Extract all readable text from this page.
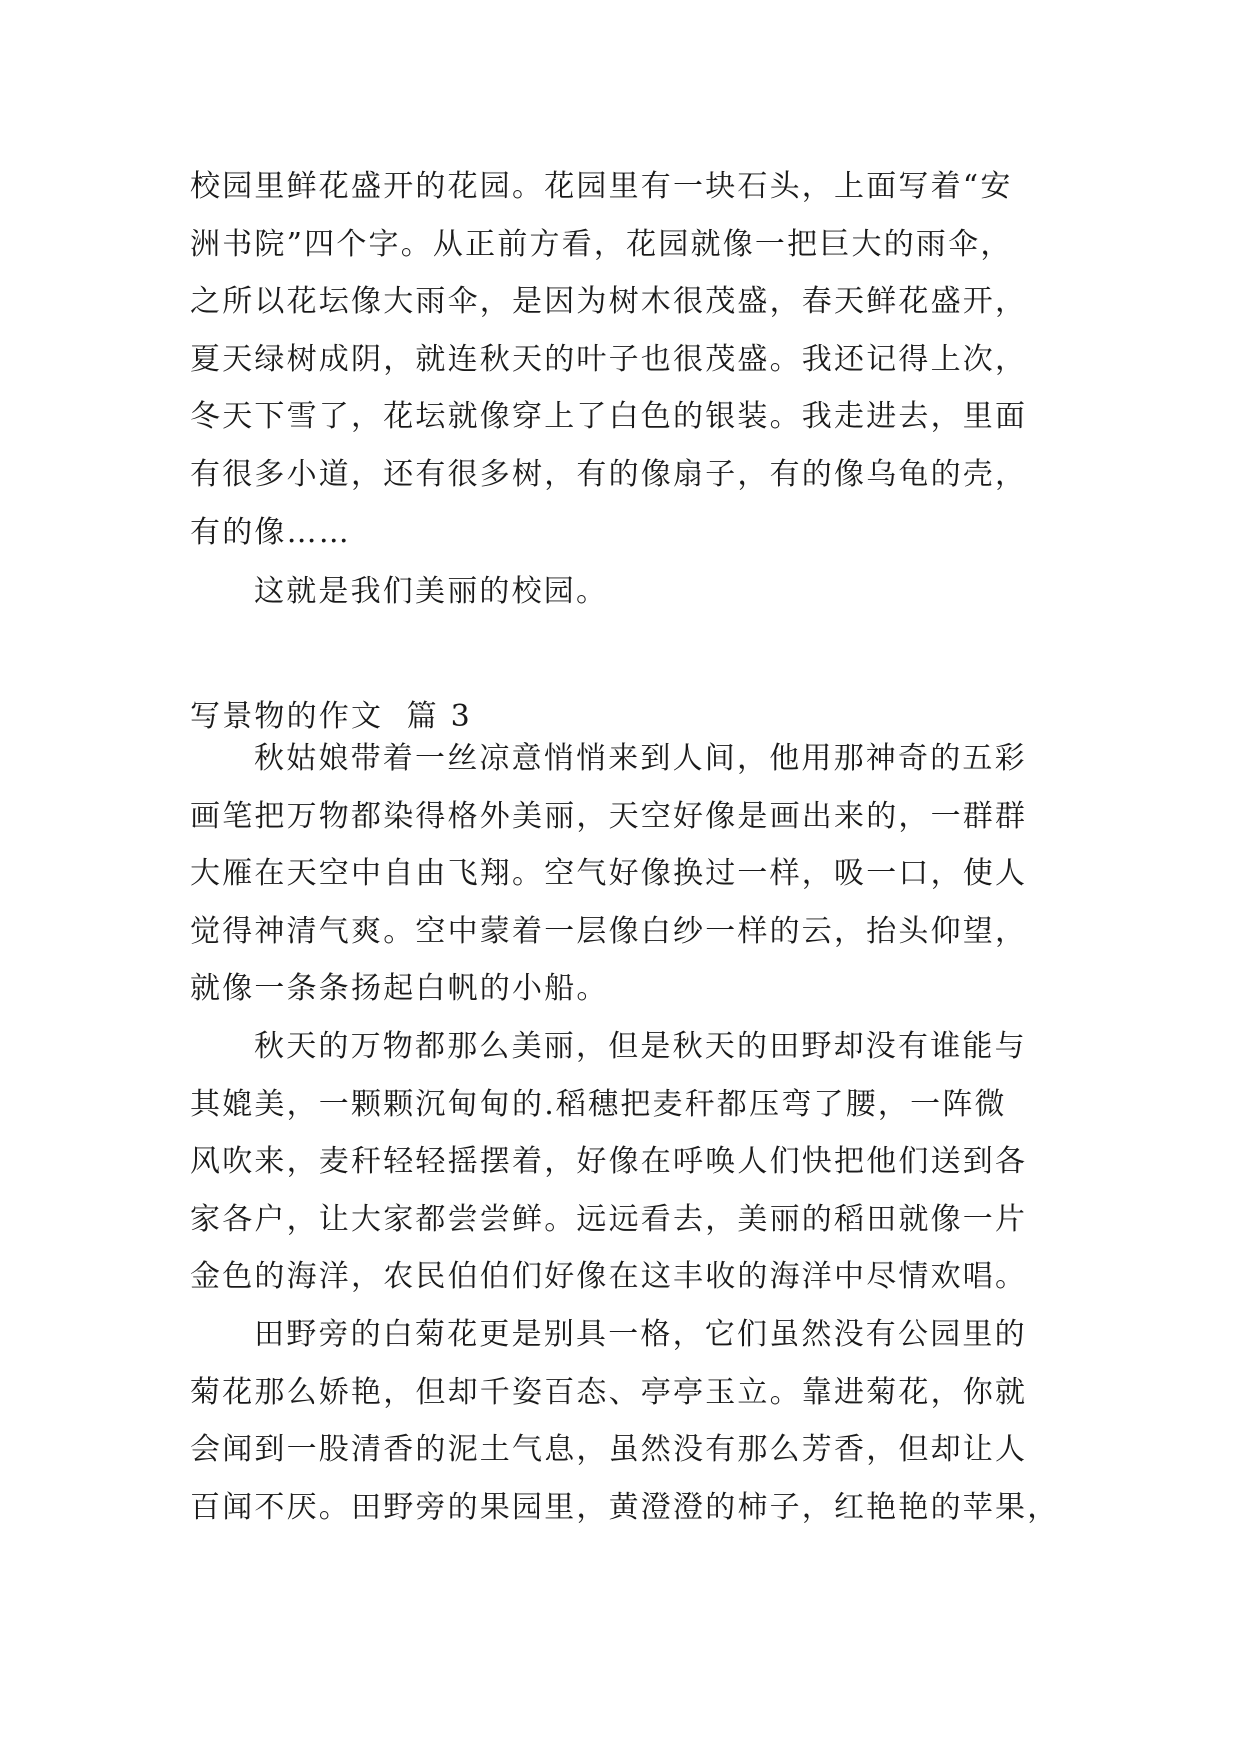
校园里鲜花盛开的花园。花园里有一块石头，上面写着“安
洲书院”四个字。从正前方看，花园就像一把巨大的雨伞，
之所以花坛像大雨伞，是因为树木很茂盛，春天鲜花盛开，
夏天绿树成阴，就连秋天的叶子也很茂盛。我还记得上次，
冬天下雪了，花坛就像穿上了白色的银装。我走进去，里面
有很多小道，还有很多树，有的像扇子，有的像乌龟的壳，
有的像……
这就是我们美丽的校园。
写景物的作文  篇 3
秋姑娘带着一丝凉意悄悄来到人间，他用那神奇的五彩
画笔把万物都染得格外美丽，天空好像是画出来的，一群群
大雁在天空中自由飞翔。空气好像换过一样，吸一口，使人
觉得神清气爽。空中蒙着一层像白纱一样的云，抬头仰望，
就像一条条扬起白帆的小船。
秋天的万物都那么美丽，但是秋天的田野却没有谁能与
其媲美，一颗颗沉甸甸的.稻穗把麦秆都压弯了腰，一阵微
风吹来，麦秆轻轻摇摆着，好像在呼唤人们快把他们送到各
家各户，让大家都尝尝鲜。远远看去，美丽的稻田就像一片
金色的海洋，农民伯伯们好像在这丰收的海洋中尽情欢唱。
田野旁的白菊花更是别具一格，它们虽然没有公园里的
菊花那么娇艳，但却千姿百态、亭亭玉立。靠进菊花，你就
会闻到一股清香的泥土气息，虽然没有那么芳香，但却让人
百闻不厌。田野旁的果园里，黄澄澄的柿子，红艳艳的苹果，
